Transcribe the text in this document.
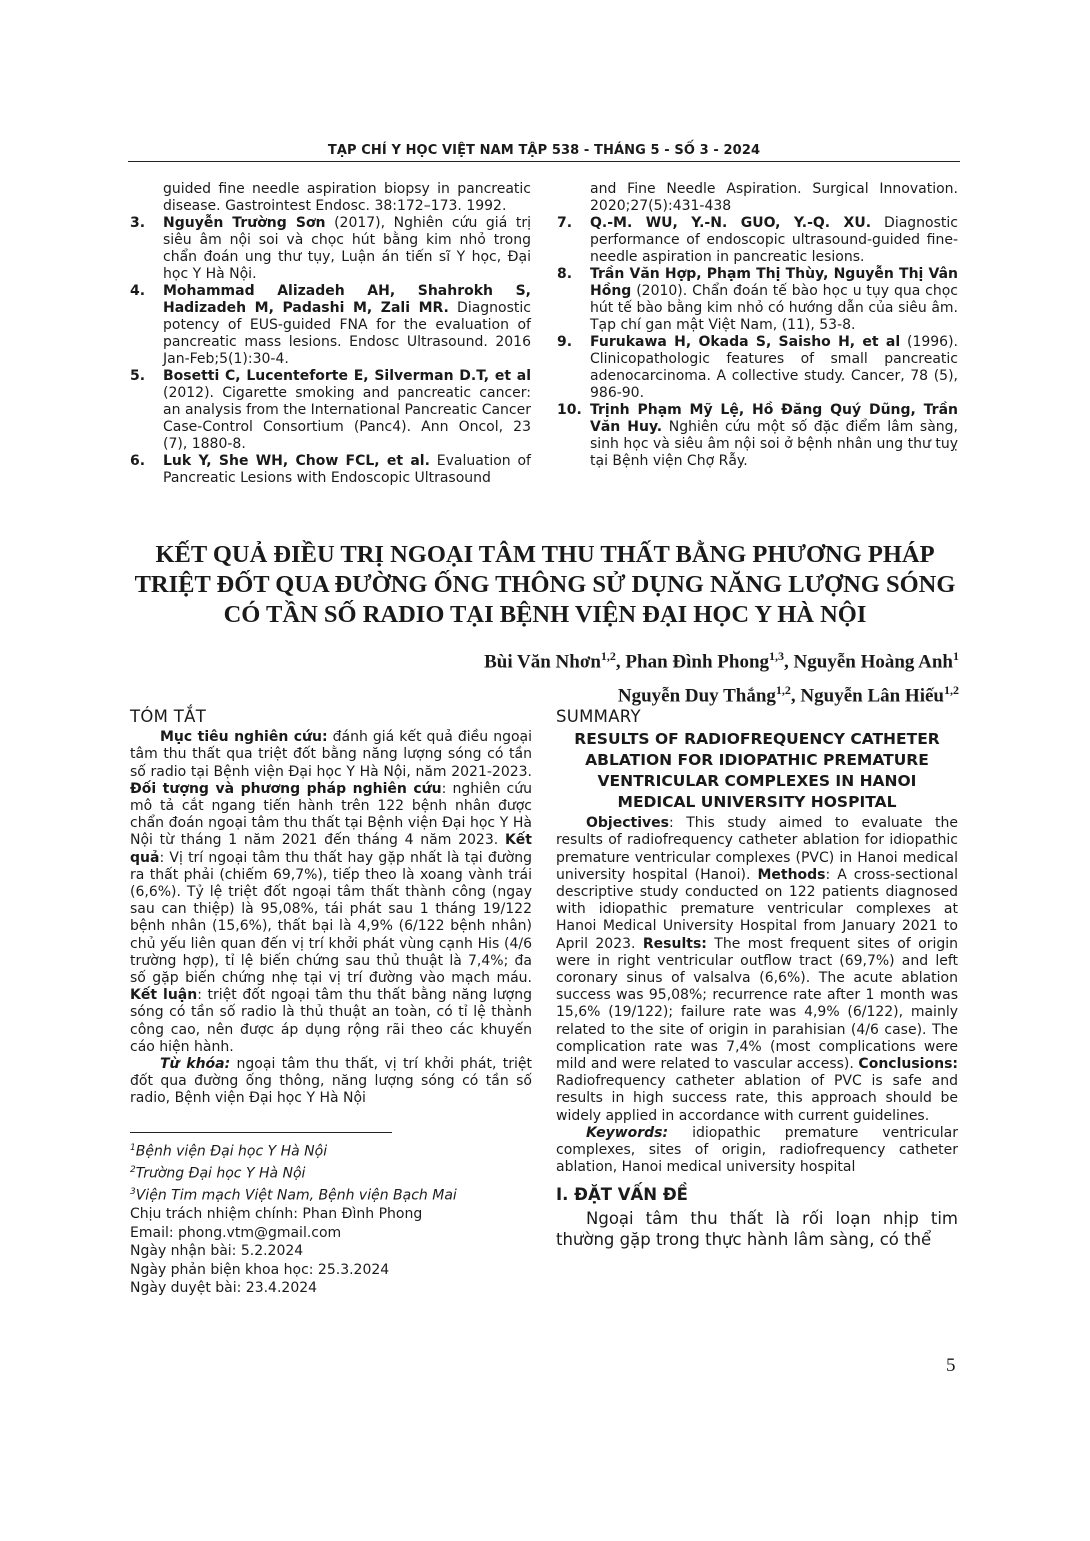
TẠP CHÍ Y HỌC VIỆT NAM TẬP 538 - THÁNG 5 - SỐ 3 - 2024
guided fine needle aspiration biopsy in pancreatic disease. Gastrointest Endosc. 38:172–173. 1992.
3. Nguyễn Trường Sơn (2017), Nghiên cứu giá trị siêu âm nội soi và chọc hút bằng kim nhỏ trong chẩn đoán ung thư tụy, Luận án tiến sĩ Y học, Đại học Y Hà Nội.
4. Mohammad Alizadeh AH, Shahrokh S, Hadizadeh M, Padashi M, Zali MR. Diagnostic potency of EUS-guided FNA for the evaluation of pancreatic mass lesions. Endosc Ultrasound. 2016 Jan-Feb;5(1):30-4.
5. Bosetti C, Lucenteforte E, Silverman D.T, et al (2012). Cigarette smoking and pancreatic cancer: an analysis from the International Pancreatic Cancer Case-Control Consortium (Panc4). Ann Oncol, 23 (7), 1880-8.
6. Luk Y, She WH, Chow FCL, et al. Evaluation of Pancreatic Lesions with Endoscopic Ultrasound
and Fine Needle Aspiration. Surgical Innovation. 2020;27(5):431-438
7. Q.-M. WU, Y.-N. GUO, Y.-Q. XU. Diagnostic performance of endoscopic ultrasound-guided fine-needle aspiration in pancreatic lesions.
8. Trần Văn Hợp, Phạm Thị Thùy, Nguyễn Thị Vân Hồng (2010). Chẩn đoán tế bào học u tụy qua chọc hút tế bào bằng kim nhỏ có hướng dẫn của siêu âm. Tạp chí gan mật Việt Nam, (11), 53-8.
9. Furukawa H, Okada S, Saisho H, et al (1996). Clinicopathologic features of small pancreatic adenocarcinoma. A collective study. Cancer, 78 (5), 986-90.
10. Trịnh Phạm Mỹ Lệ, Hồ Đăng Quý Dũng, Trần Văn Huy. Nghiên cứu một số đặc điểm lâm sàng, sinh học và siêu âm nội soi ở bệnh nhân ung thư tuỵ tại Bệnh viện Chợ Rẫy.
KẾT QUẢ ĐIỀU TRỊ NGOẠI TÂM THU THẤT BẰNG PHƯƠNG PHÁP
TRIỆT ĐỐT QUA ĐƯỜNG ỐNG THÔNG SỬ DỤNG NĂNG LƯỢNG SÓNG
CÓ TẦN SỐ RADIO TẠI BỆNH VIỆN ĐẠI HỌC Y HÀ NỘI
Bùi Văn Nhơn$^{1,2}$, Phan Đình Phong$^{1,3}$, Nguyễn Hoàng Anh$^1$
Nguyễn Duy Thắng$^{1,2}$, Nguyễn Lân Hiếu$^{1,2}$
TÓM TẮT

Mục tiêu nghiên cứu: đánh giá kết quả điều ngoại tâm thu thất qua triệt đốt bằng năng lượng sóng có tần số radio tại Bệnh viện Đại học Y Hà Nội, năm 2021-2023. Đối tượng và phương pháp nghiên cứu: nghiên cứu mô tả cắt ngang tiến hành trên 122 bệnh nhân được chẩn đoán ngoại tâm thu thất tại Bệnh viện Đại học Y Hà Nội từ tháng 1 năm 2021 đến tháng 4 năm 2023. Kết quả: Vị trí ngoại tâm thu thất hay gặp nhất là tại đường ra thất phải (chiếm 69,7%), tiếp theo là xoang vành trái (6,6%). Tỷ lệ triệt đốt ngoại tâm thất thành công (ngay sau can thiệp) là 95,08%, tái phát sau 1 tháng 19/122 bệnh nhân (15,6%), thất bại là 4,9% (6/122 bệnh nhân) chủ yếu liên quan đến vị trí khởi phát vùng cạnh His (4/6 trường hợp), tỉ lệ biến chứng sau thủ thuật là 7,4%; đa số gặp biến chứng nhẹ tại vị trí đường vào mạch máu. Kết luận: triệt đốt ngoại tâm thu thất bằng năng lượng sóng có tần số radio là thủ thuật an toàn, có tỉ lệ thành công cao, nên được áp dụng rộng rãi theo các khuyến cáo hiện hành.

Từ khóa: ngoại tâm thu thất, vị trí khởi phát, triệt đốt qua đường ống thông, năng lượng sóng có tần số radio, Bệnh viện Đại học Y Hà Nội

$^1$Bệnh viện Đại học Y Hà Nội
$^2$Trường Đại học Y Hà Nội
$^3$Viện Tim mạch Việt Nam, Bệnh viện Bạch Mai
Chịu trách nhiệm chính: Phan Đình Phong
Email: phong.vtm@gmail.com
Ngày nhận bài: 5.2.2024
Ngày phản biện khoa học: 25.3.2024
Ngày duyệt bài: 23.4.2024
SUMMARY
RESULTS OF RADIOFREQUENCY CATHETER
ABLATION FOR IDIOPATHIC PREMATURE
VENTRICULAR COMPLEXES IN HANOI
MEDICAL UNIVERSITY HOSPITAL

Objectives: This study aimed to evaluate the results of radiofrequency catheter ablation for idiopathic premature ventricular complexes (PVC) in Hanoi medical university hospital (Hanoi). Methods: A cross-sectional descriptive study conducted on 122 patients diagnosed with idiopathic premature ventricular complexes at Hanoi Medical University Hospital from January 2021 to April 2023. Results: The most frequent sites of origin were in right ventricular outflow tract (69,7%) and left coronary sinus of valsalva (6,6%). The acute ablation success was 95,08%; recurrence rate after 1 month was 15,6% (19/122); failure rate was 4,9% (6/122), mainly related to the site of origin in parahisian (4/6 case). The complication rate was 7,4% (most complications were mild and were related to vascular access). Conclusions: Radiofrequency catheter ablation of PVC is safe and results in high success rate, this approach should be widely applied in accordance with current guidelines.

Keywords: idiopathic premature ventricular complexes, sites of origin, radiofrequency catheter ablation, Hanoi medical university hospital

I. ĐẶT VẤN ĐỀ

Ngoại tâm thu thất là rối loạn nhịp tim thường gặp trong thực hành lâm sàng, có thể

5
